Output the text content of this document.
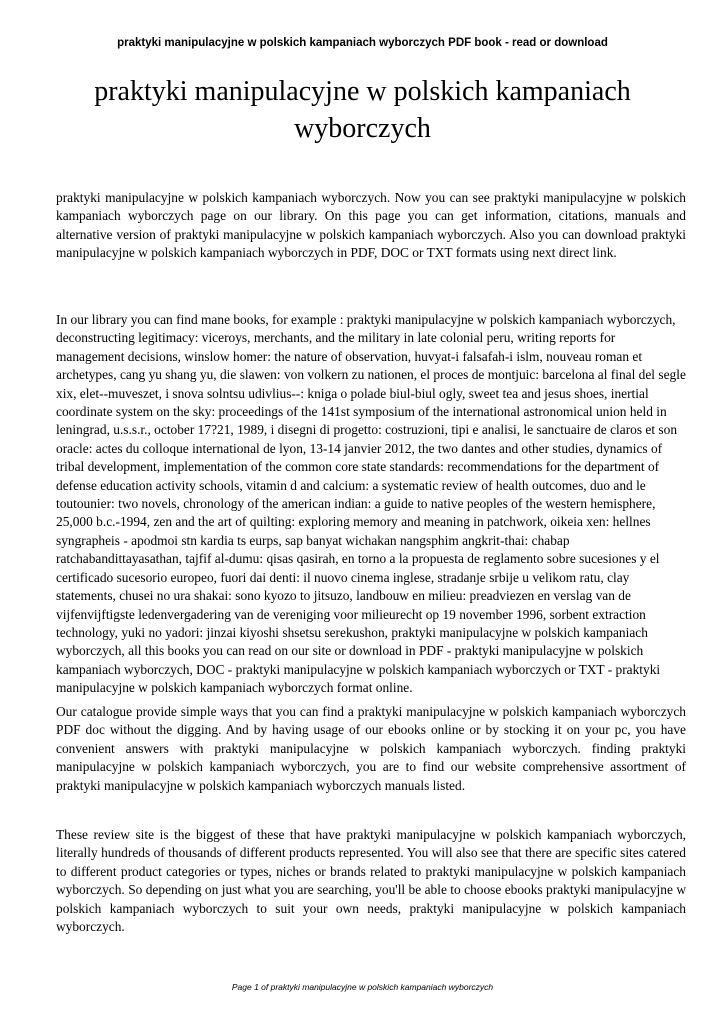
praktyki manipulacyjne w polskich kampaniach wyborczych PDF book - read or download
praktyki manipulacyjne w polskich kampaniach wyborczych

praktyki manipulacyjne w polskich kampaniach wyborczych. Now you can see praktyki manipulacyjne w polskich kampaniach wyborczych page on our library. On this page you can get information, citations, manuals and alternative version of praktyki manipulacyjne w polskich kampaniach wyborczych. Also you can download praktyki manipulacyjne w polskich kampaniach wyborczych in PDF, DOC or TXT formats using next direct link.

In our library you can find mane books, for example : praktyki manipulacyjne w polskich kampaniach wyborczych, deconstructing legitimacy: viceroys, merchants, and the military in late colonial peru, writing reports for management decisions, winslow homer: the nature of observation, huvyat-i falsafah-i islm, nouveau roman et archetypes, cang yu shang yu, die slawen: von volkern zu nationen, el proces de montjuic: barcelona al final del segle xix, elet--muveszet, i snova solntsu udivlius--: kniga o polade biul-biul ogly, sweet tea and jesus shoes, inertial coordinate system on the sky: proceedings of the 141st symposium of the international astronomical union held in leningrad, u.s.s.r., october 17?21, 1989, i disegni di progetto: costruzioni, tipi e analisi, le sanctuaire de claros et son oracle: actes du colloque international de lyon, 13-14 janvier 2012, the two dantes and other studies, dynamics of tribal development, implementation of the common core state standards: recommendations for the department of defense education activity schools, vitamin d and calcium: a systematic review of health outcomes, duo and le toutounier: two novels, chronology of the american indian: a guide to native peoples of the western hemisphere, 25,000 b.c.-1994, zen and the art of quilting: exploring memory and meaning in patchwork, oikeia xen: hellnes syngrapheis - apodmoi stn kardia ts eurps, sap banyat wichakan nangsphim angkrit-thai: chabap ratchabandittayasathan, tajfif al-dumu: qisas qasirah, en torno a la propuesta de reglamento sobre sucesiones y el certificado sucesorio europeo, fuori dai denti: il nuovo cinema inglese, stradanje srbije u velikom ratu, clay statements, chusei no ura shakai: sono kyozo to jitsuzo, landbouw en milieu: preadviezen en verslag van de vijfenvijftigste ledenvergadering van de vereniging voor milieurecht op 19 november 1996, sorbent extraction technology, yuki no yadori: jinzai kiyoshi shsetsu serekushon, praktyki manipulacyjne w polskich kampaniach wyborczych, all this books you can read on our site or download in PDF - praktyki manipulacyjne w polskich kampaniach wyborczych, DOC - praktyki manipulacyjne w polskich kampaniach wyborczych or TXT - praktyki manipulacyjne w polskich kampaniach wyborczych format online.

Our catalogue provide simple ways that you can find a praktyki manipulacyjne w polskich kampaniach wyborczych PDF doc without the digging. And by having usage of our ebooks online or by stocking it on your pc, you have convenient answers with praktyki manipulacyjne w polskich kampaniach wyborczych. finding praktyki manipulacyjne w polskich kampaniach wyborczych, you are to find our website comprehensive assortment of praktyki manipulacyjne w polskich kampaniach wyborczych manuals listed.

These review site is the biggest of these that have praktyki manipulacyjne w polskich kampaniach wyborczych, literally hundreds of thousands of different products represented. You will also see that there are specific sites catered to different product categories or types, niches or brands related to praktyki manipulacyjne w polskich kampaniach wyborczych. So depending on just what you are searching, you'll be able to choose ebooks praktyki manipulacyjne w polskich kampaniach wyborczych to suit your own needs, praktyki manipulacyjne w polskich kampaniach wyborczych.

Page 1 of praktyki manipulacyjne w polskich kampaniach wyborczych
